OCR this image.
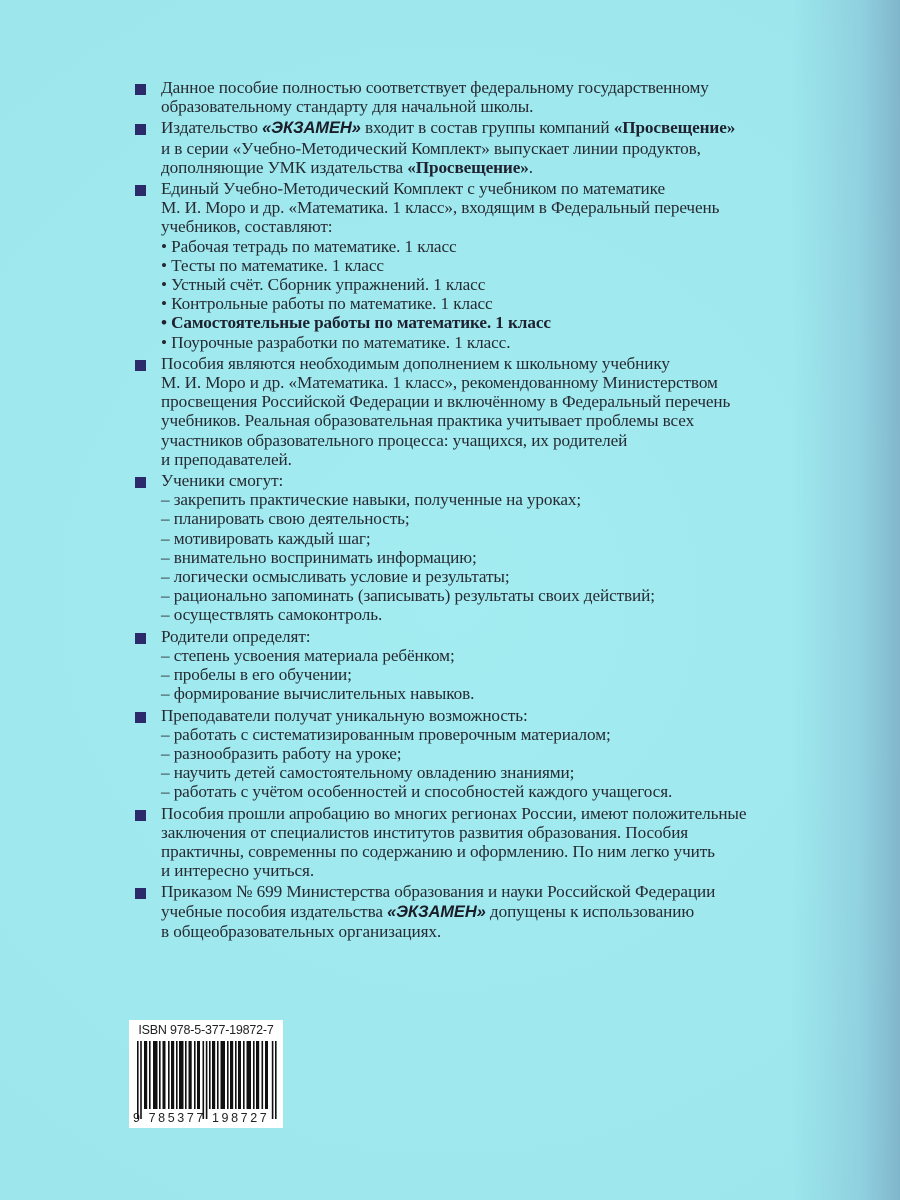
Данное пособие полностью соответствует федеральному государственному
образовательному стандарту для начальной школы.
Издательство «ЭКЗАМЕН» входит в состав группы компаний «Просвещение»
и в серии «Учебно-Методический Комплект» выпускает линии продуктов,
дополняющие УМК издательства «Просвещение».
Единый Учебно-Методический Комплект с учебником по математике
М. И. Моро и др. «Математика. 1 класс», входящим в Федеральный перечень
учебников, составляют:
• Рабочая тетрадь по математике. 1 класс
• Тесты по математике. 1 класс
• Устный счёт. Сборник упражнений. 1 класс
• Контрольные работы по математике. 1 класс
• Самостоятельные работы по математике. 1 класс
• Поурочные разработки по математике. 1 класс.
Пособия являются необходимым дополнением к школьному учебнику
М. И. Моро и др. «Математика. 1 класс», рекомендованному Министерством
просвещения Российской Федерации и включённому в Федеральный перечень
учебников. Реальная образовательная практика учитывает проблемы всех
участников образовательного процесса: учащихся, их родителей
и преподавателей.
Ученики смогут:
– закрепить практические навыки, полученные на уроках;
– планировать свою деятельность;
– мотивировать каждый шаг;
– внимательно воспринимать информацию;
– логически осмысливать условие и результаты;
– рационально запоминать (записывать) результаты своих действий;
– осуществлять самоконтроль.
Родители определят:
– степень усвоения материала ребёнком;
– пробелы в его обучении;
– формирование вычислительных навыков.
Преподаватели получат уникальную возможность:
– работать с систематизированным проверочным материалом;
– разнообразить работу на уроке;
– научить детей самостоятельному овладению знаниями;
– работать с учётом особенностей и способностей каждого учащегося.
Пособия прошли апробацию во многих регионах России, имеют положительные
заключения от специалистов институтов развития образования. Пособия
практичны, современны по содержанию и оформлению. По ним легко учить
и интересно учиться.
Приказом № 699 Министерства образования и науки Российской Федерации
учебные пособия издательства «ЭКЗАМЕН» допущены к использованию
в общеобразовательных организациях.
ISBN 978-5-377-19872-7
9 785377 198727
